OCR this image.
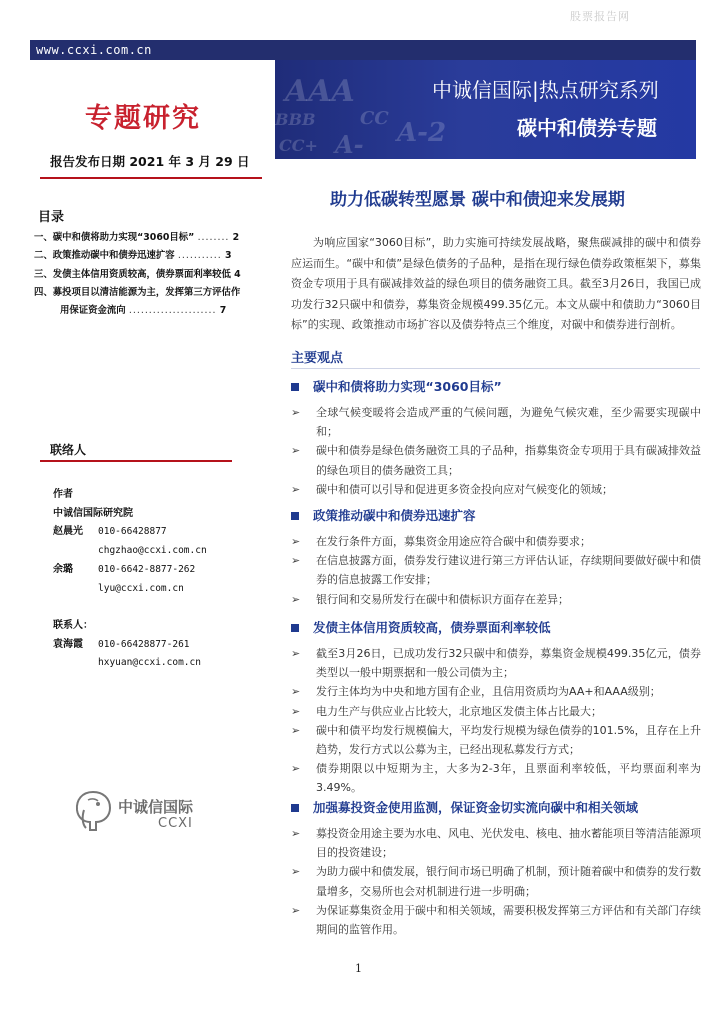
股票报告网
www.ccxi.com.cn
AAA
BBB CC A-2
CC+ A-
中诚信国际|热点研究系列
碳中和债券专题
专题研究
报告发布日期 2021 年 3 月 29 日
目录
一、碳中和债将助力实现“3060目标” ........ 2
二、政策推动碳中和债券迅速扩容 ........... 3
三、发债主体信用资质较高，债券票面利率较低 4
四、募投项目以清洁能源为主，发挥第三方评估作
用保证资金流向 ...................... 7
联络人
作者
中诚信国际研究院
赵晨光 010-66428877
chgzhao@ccxi.com.cn
余璐	010-6642-8877-262
lyu@ccxi.com.cn
联系人：
袁海霞 010-66428877-261
hxyuan@ccxi.com.cn
中诚信国际
CCXI
助力低碳转型愿景 碳中和债迎来发展期
为响应国家“3060目标”，助力实施可持续发展战略，聚焦碳减排的碳中和债券应运而生。“碳中和债”是绿色债务的子品种，是指在现行绿色债券政策框架下，募集资金专项用于具有碳减排效益的绿色项目的债务融资工具。截至3月26日，我国已成功发行32只碳中和债券，募集资金规模499.35亿元。本文从碳中和债助力“3060目标”的实现、政策推动市场扩容以及债券特点三个维度，对碳中和债券进行剖析。
主要观点
碳中和债将助力实现“3060目标”
➢ 全球气候变暖将会造成严重的气候问题，为避免气候灾难，至少需要实现碳中和；
➢ 碳中和债券是绿色债务融资工具的子品种，指募集资金专项用于具有碳减排效益的绿色项目的债务融资工具；
➢ 碳中和债可以引导和促进更多资金投向应对气候变化的领域；
政策推动碳中和债券迅速扩容
➢ 在发行条件方面，募集资金用途应符合碳中和债券要求；
➢ 在信息披露方面，债券发行建议进行第三方评估认证，存续期间要做好碳中和债券的信息披露工作安排；
➢ 银行间和交易所发行在碳中和债标识方面存在差异；
发债主体信用资质较高，债券票面利率较低
➢ 截至3月26日，已成功发行32只碳中和债券，募集资金规模499.35亿元，债券类型以一般中期票据和一般公司债为主；
➢ 发行主体均为中央和地方国有企业，且信用资质均为AA+和AAA级别；
➢ 电力生产与供应业占比较大，北京地区发债主体占比最大；
➢ 碳中和债平均发行规模偏大，平均发行规模为绿色债券的101.5%，且存在上升趋势，发行方式以公募为主，已经出现私募发行方式；
➢ 债券期限以中短期为主，大多为2-3年，且票面利率较低，平均票面利率为3.49%。
加强募投资金使用监测，保证资金切实流向碳中和相关领域
➢ 募投资金用途主要为水电、风电、光伏发电、核电、抽水蓄能项目等清洁能源项目的投资建设；
➢ 为助力碳中和债发展，银行间市场已明确了机制，预计随着碳中和债券的发行数量增多，交易所也会对机制进行进一步明确；
➢ 为保证募集资金用于碳中和相关领域，需要积极发挥第三方评估和有关部门存续期间的监管作用。
1
